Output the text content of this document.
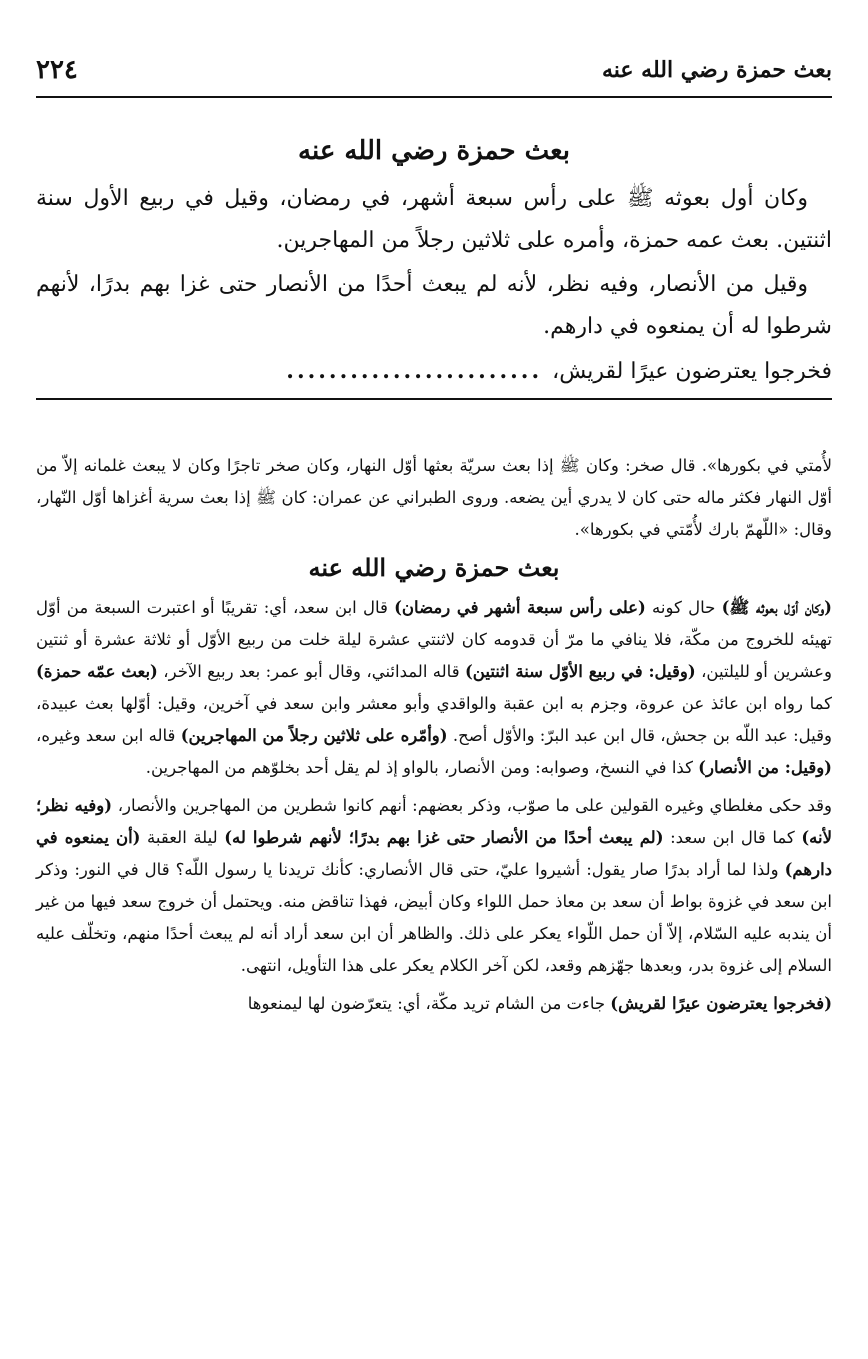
بعث حمزة رضي الله عنه
٢٢٤
بعث حمزة رضي الله عنه

وكان أول بعوثه ﷺ على رأس سبعة أشهر، في رمضان، وقيل في ربيع الأول سنة اثنتين. بعث عمه حمزة، وأمره على ثلاثين رجلاً من المهاجرين.

وقيل من الأنصار، وفيه نظر، لأنه لم يبعث أحدًا من الأنصار حتى غزا بهم بدرًا، لأنهم شرطوا له أن يمنعوه في دارهم.

فخرجوا يعترضون عيرًا لقريش،
........................

لأُمتي في بكورها». قال صخر: وكان ﷺ إذا بعث سريّة بعثها أوّل النهار، وكان صخر تاجرًا وكان لا يبعث غلمانه إلاّ من أوّل النهار فكثر ماله حتى كان لا يدري أين يضعه. وروى الطبراني عن عمران: كان ﷺ إذا بعث سرية أغزاها أوّل النّهار، وقال: «اللّهمّ بارك لأُمّتي في بكورها».

بعث حمزة رضي الله عنه

(وكان أوّل بعوثه ﷺ) حال كونه (على رأس سبعة أشهر في رمضان) قال ابن سعد، أي: تقريبًا أو اعتبرت السبعة من أوّل تهيئه للخروج من مكّة، فلا ينافي ما مرّ أن قدومه كان لاثنتي عشرة ليلة خلت من ربيع الأوّل أو ثلاثة عشرة أو ثنتين وعشرين أو لليلتين، (وقيل: في ربيع الأوّل سنة اثنتين) قاله المدائني، وقال أبو عمر: بعد ربيع الآخر، (بعث عمّه حمزة) كما رواه ابن عائذ عن عروة، وجزم به ابن عقبة والواقدي وأبو معشر وابن سعد في آخرين، وقيل: أوّلها بعث عبيدة، وقيل: عبد اللّه بن جحش، قال ابن عبد البرّ: والأوّل أصح. (وأمّره على ثلاثين رجلاً من المهاجرين) قاله ابن سعد وغيره، (وقيل: من الأنصار) كذا في النسخ، وصوابه: ومن الأنصار، بالواو إذ لم يقل أحد بخلوّهم من المهاجرين.

وقد حكى مغلطاي وغيره القولين على ما صوّب، وذكر بعضهم: أنهم كانوا شطرين من المهاجرين والأنصار، (وفيه نظر؛ لأنه) كما قال ابن سعد: (لم يبعث أحدًا من الأنصار حتى غزا بهم بدرًا؛ لأنهم شرطوا له) ليلة العقبة (أن يمنعوه في دارهم) ولذا لما أراد بدرًا صار يقول: أشيروا عليّ، حتى قال الأنصاري: كأنك تريدنا يا رسول اللّه؟ قال في النور: وذكر ابن سعد في غزوة بواط أن سعد بن معاذ حمل اللواء وكان أبيض، فهذا تناقض منه. ويحتمل أن خروج سعد فيها من غير أن يندبه عليه السّلام، إلاّ أن حمل اللّواء يعكر على ذلك. والظاهر أن ابن سعد أراد أنه لم يبعث أحدًا منهم، وتخلّف عليه السلام إلى غزوة بدر، وبعدها جهّزهم وقعد، لكن آخر الكلام يعكر على هذا التأويل، انتهى.

(فخرجوا يعترضون عيرًا لقريش) جاءت من الشام تريد مكّة، أي: يتعرّضون لها ليمنعوها
